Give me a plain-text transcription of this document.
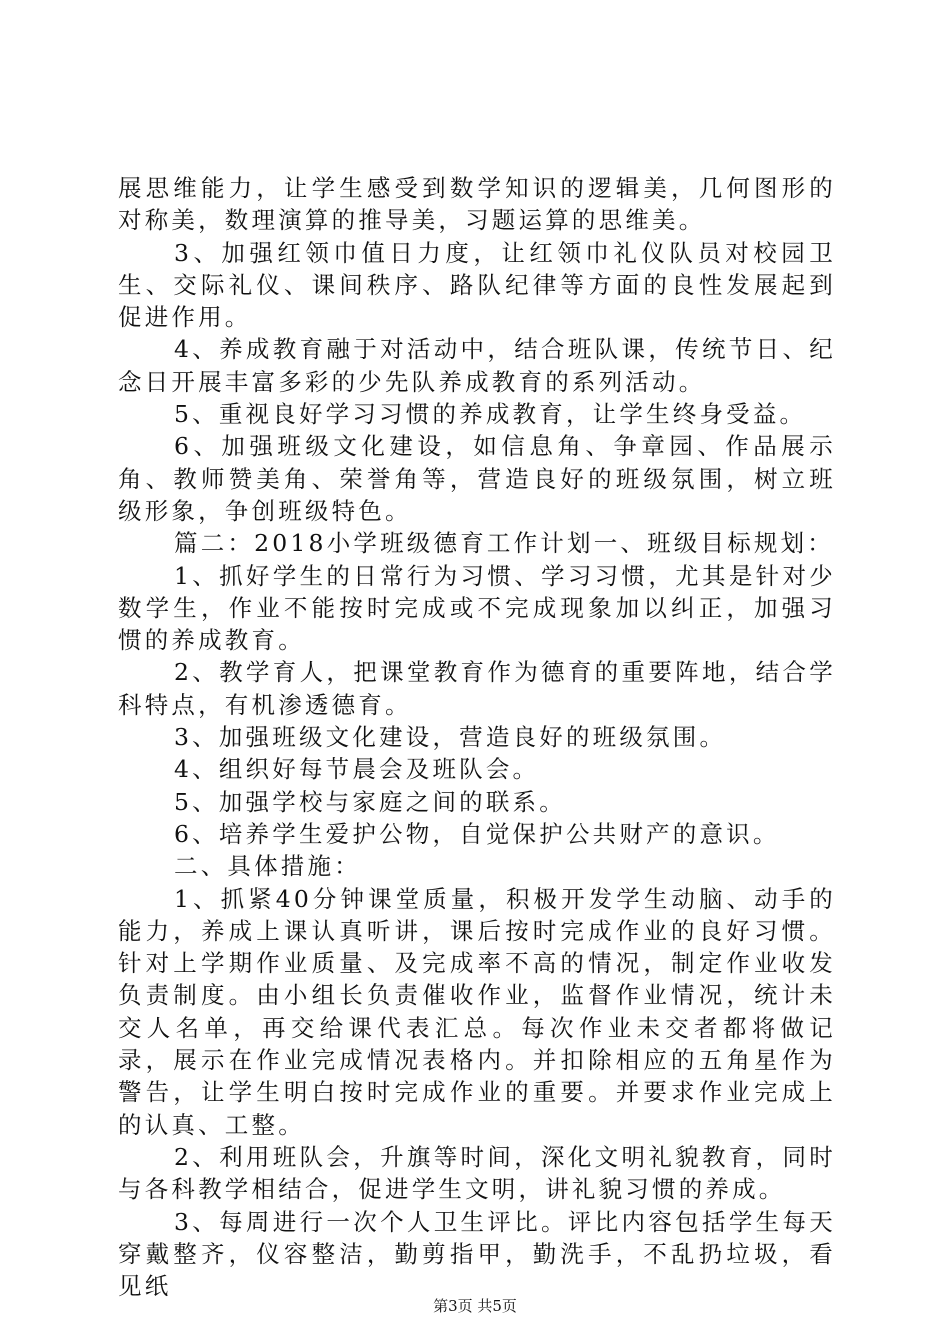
展思维能力，让学生感受到数学知识的逻辑美，几何图形的对称美，数理演算的推导美，习题运算的思维美。

3、加强红领巾值日力度，让红领巾礼仪队员对校园卫生、交际礼仪、课间秩序、路队纪律等方面的良性发展起到促进作用。

4、养成教育融于对活动中，结合班队课，传统节日、纪念日开展丰富多彩的少先队养成教育的系列活动。

5、重视良好学习习惯的养成教育，让学生终身受益。

6、加强班级文化建设，如信息角、争章园、作品展示角、教师赞美角、荣誉角等，营造良好的班级氛围，树立班级形象，争创班级特色。

篇二：2018小学班级德育工作计划一、班级目标规划：

1、抓好学生的日常行为习惯、学习习惯，尤其是针对少数学生，作业不能按时完成或不完成现象加以纠正，加强习惯的养成教育。

2、教学育人，把课堂教育作为德育的重要阵地，结合学科特点，有机渗透德育。

3、加强班级文化建设，营造良好的班级氛围。

4、组织好每节晨会及班队会。

5、加强学校与家庭之间的联系。

6、培养学生爱护公物，自觉保护公共财产的意识。

二、具体措施：

1、抓紧40分钟课堂质量，积极开发学生动脑、动手的能力，养成上课认真听讲，课后按时完成作业的良好习惯。针对上学期作业质量、及完成率不高的情况，制定作业收发负责制度。由小组长负责催收作业，监督作业情况，统计未交人名单，再交给课代表汇总。每次作业未交者都将做记录，展示在作业完成情况表格内。并扣除相应的五角星作为警告，让学生明白按时完成作业的重要。并要求作业完成上的认真、工整。

2、利用班队会，升旗等时间，深化文明礼貌教育，同时与各科教学相结合，促进学生文明，讲礼貌习惯的养成。

3、每周进行一次个人卫生评比。评比内容包括学生每天穿戴整齐，仪容整洁，勤剪指甲，勤洗手，不乱扔垃圾，看见纸

第3页 共5页
